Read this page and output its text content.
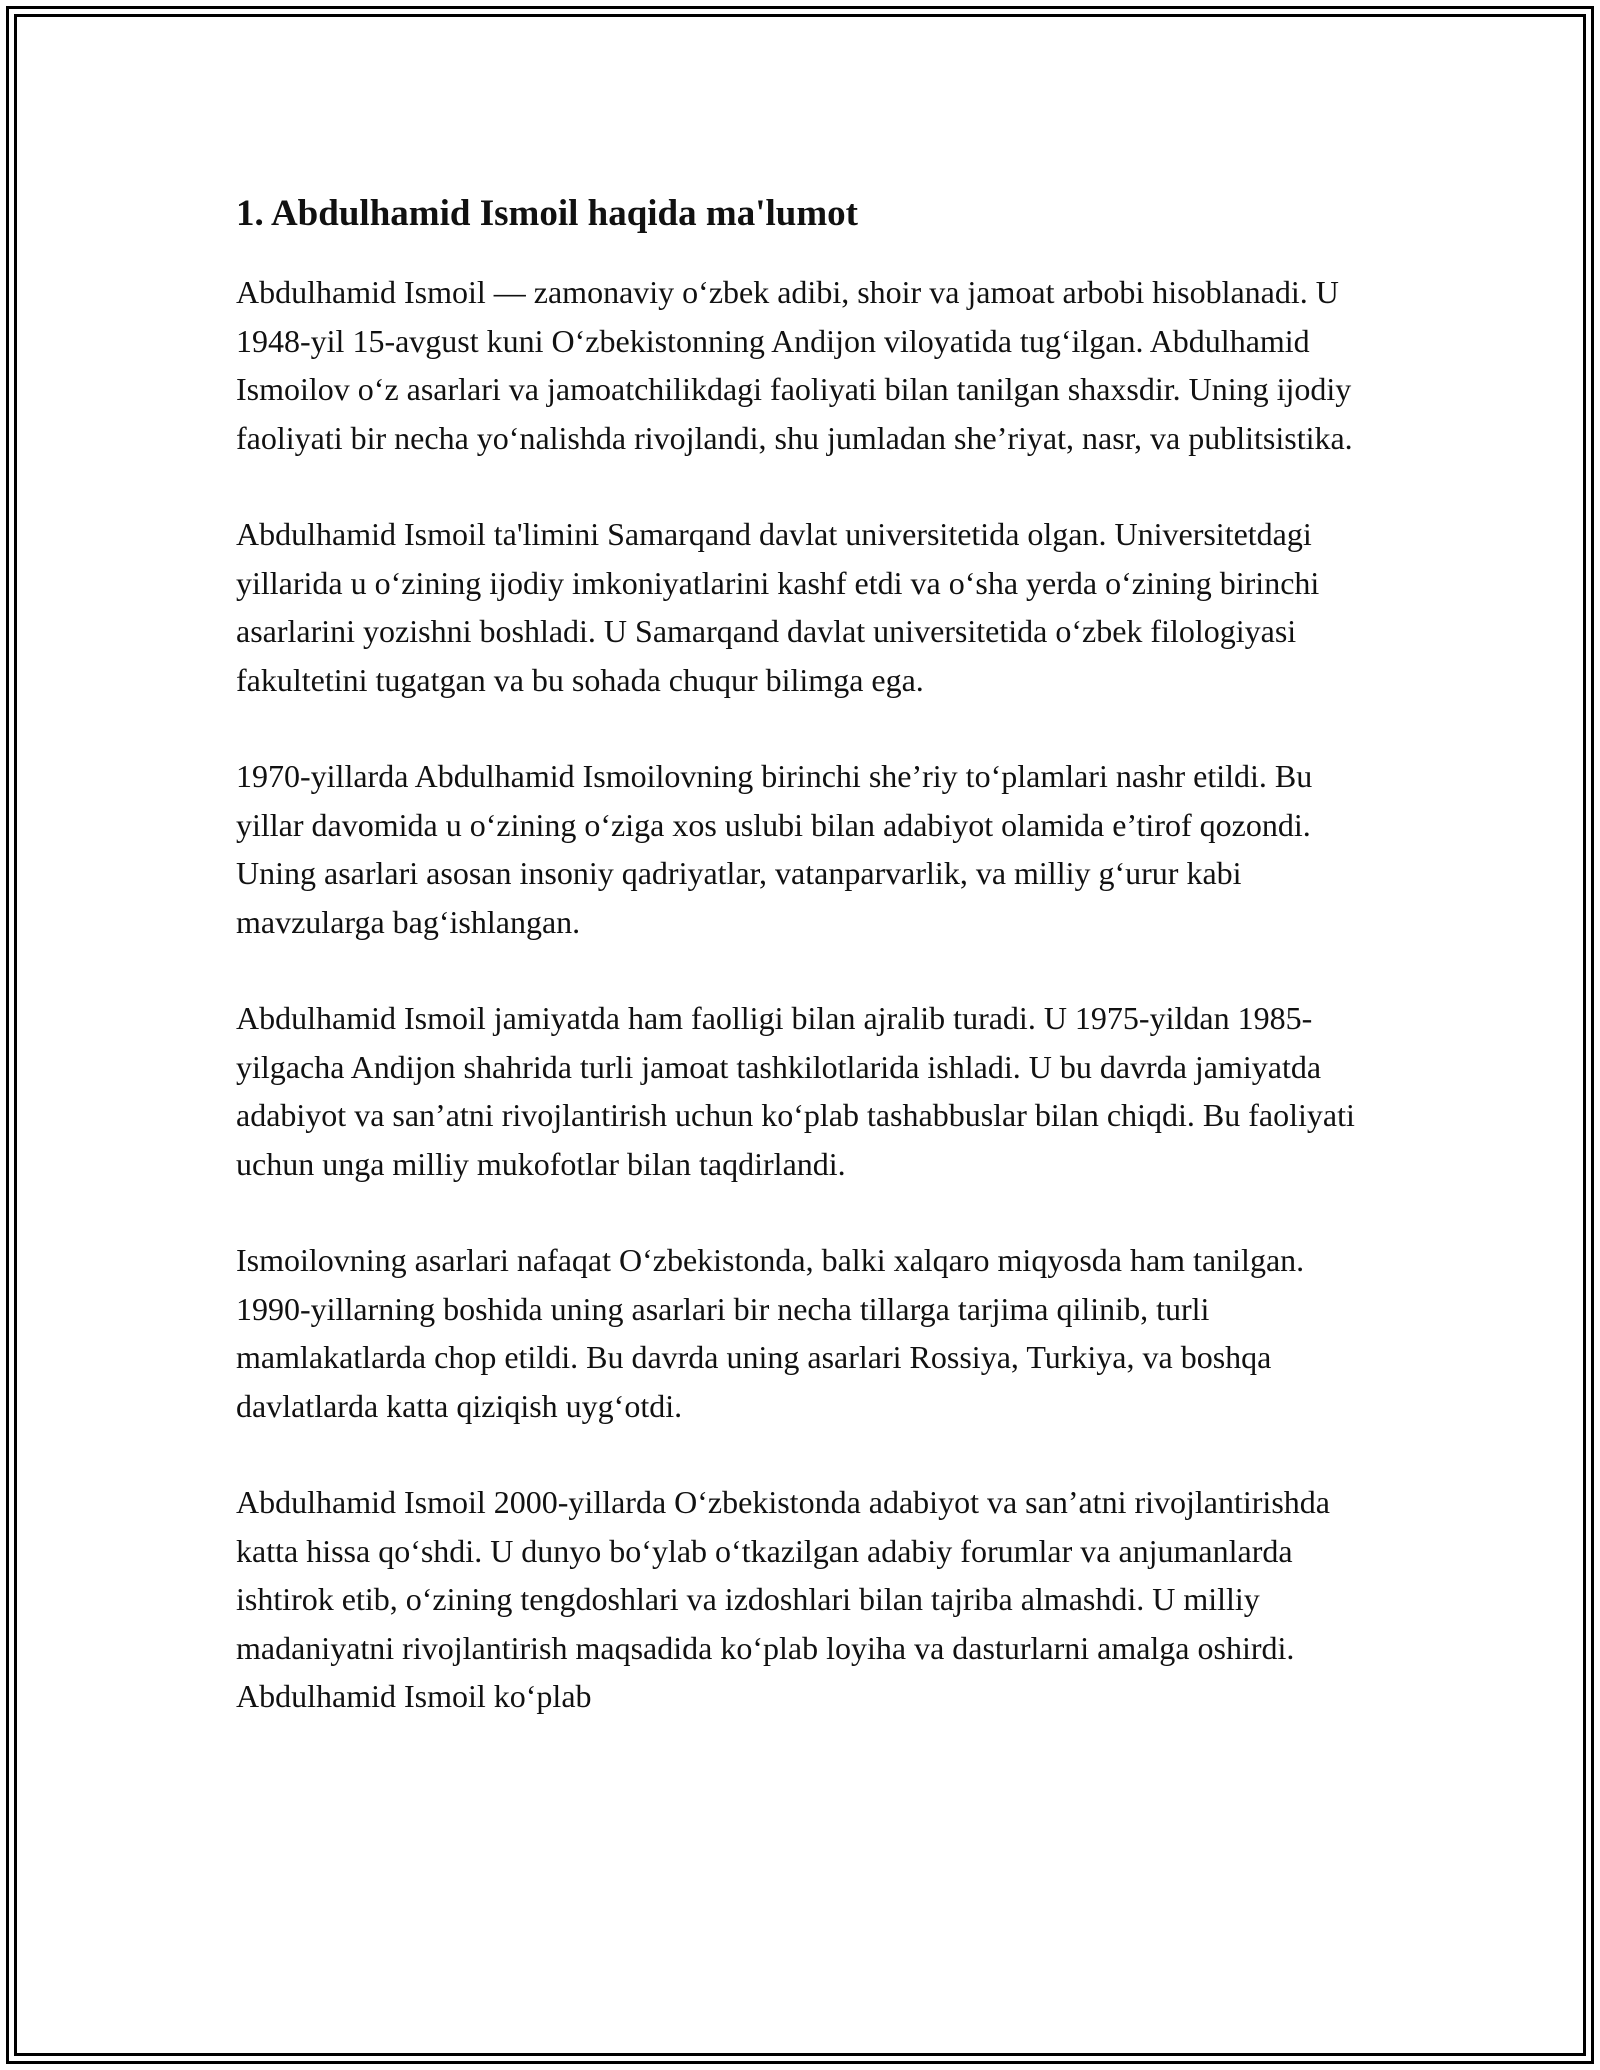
1. Abdulhamid Ismoil haqida ma'lumot

Abdulhamid Ismoil — zamonaviy oʻzbek adibi, shoir va jamoat arbobi hisoblanadi. U 1948-yil 15-avgust kuni Oʻzbekistonning Andijon viloyatida tugʻilgan. Abdulhamid Ismoilov oʻz asarlari va jamoatchilikdagi faoliyati bilan tanilgan shaxsdir. Uning ijodiy faoliyati bir necha yoʻnalishda rivojlandi, shu jumladan she’riyat, nasr, va publitsistika.

Abdulhamid Ismoil ta'limini Samarqand davlat universitetida olgan. Universitetdagi yillarida u oʻzining ijodiy imkoniyatlarini kashf etdi va oʻsha yerda oʻzining birinchi asarlarini yozishni boshladi. U Samarqand davlat universitetida oʻzbek filologiyasi fakultetini tugatgan va bu sohada chuqur bilimga ega.

1970-yillarda Abdulhamid Ismoilovning birinchi she’riy toʻplamlari nashr etildi. Bu yillar davomida u oʻzining oʻziga xos uslubi bilan adabiyot olamida e’tirof qozondi. Uning asarlari asosan insoniy qadriyatlar, vatanparvarlik, va milliy gʻurur kabi mavzularga bagʻishlangan.

Abdulhamid Ismoil jamiyatda ham faolligi bilan ajralib turadi. U 1975-yildan 1985-yilgacha Andijon shahrida turli jamoat tashkilotlarida ishladi. U bu davrda jamiyatda adabiyot va san’atni rivojlantirish uchun koʻplab tashabbuslar bilan chiqdi. Bu faoliyati uchun unga milliy mukofotlar bilan taqdirlandi.

Ismoilovning asarlari nafaqat Oʻzbekistonda, balki xalqaro miqyosda ham tanilgan. 1990-yillarning boshida uning asarlari bir necha tillarga tarjima qilinib, turli mamlakatlarda chop etildi. Bu davrda uning asarlari Rossiya, Turkiya, va boshqa davlatlarda katta qiziqish uygʻotdi.

Abdulhamid Ismoil 2000-yillarda Oʻzbekistonda adabiyot va san’atni rivojlantirishda katta hissa qoʻshdi. U dunyo boʻylab oʻtkazilgan adabiy forumlar va anjumanlarda ishtirok etib, oʻzining tengdoshlari va izdoshlari bilan tajriba almashdi. U milliy madaniyatni rivojlantirish maqsadida koʻplab loyiha va dasturlarni amalga oshirdi. Abdulhamid Ismoil koʻplab
